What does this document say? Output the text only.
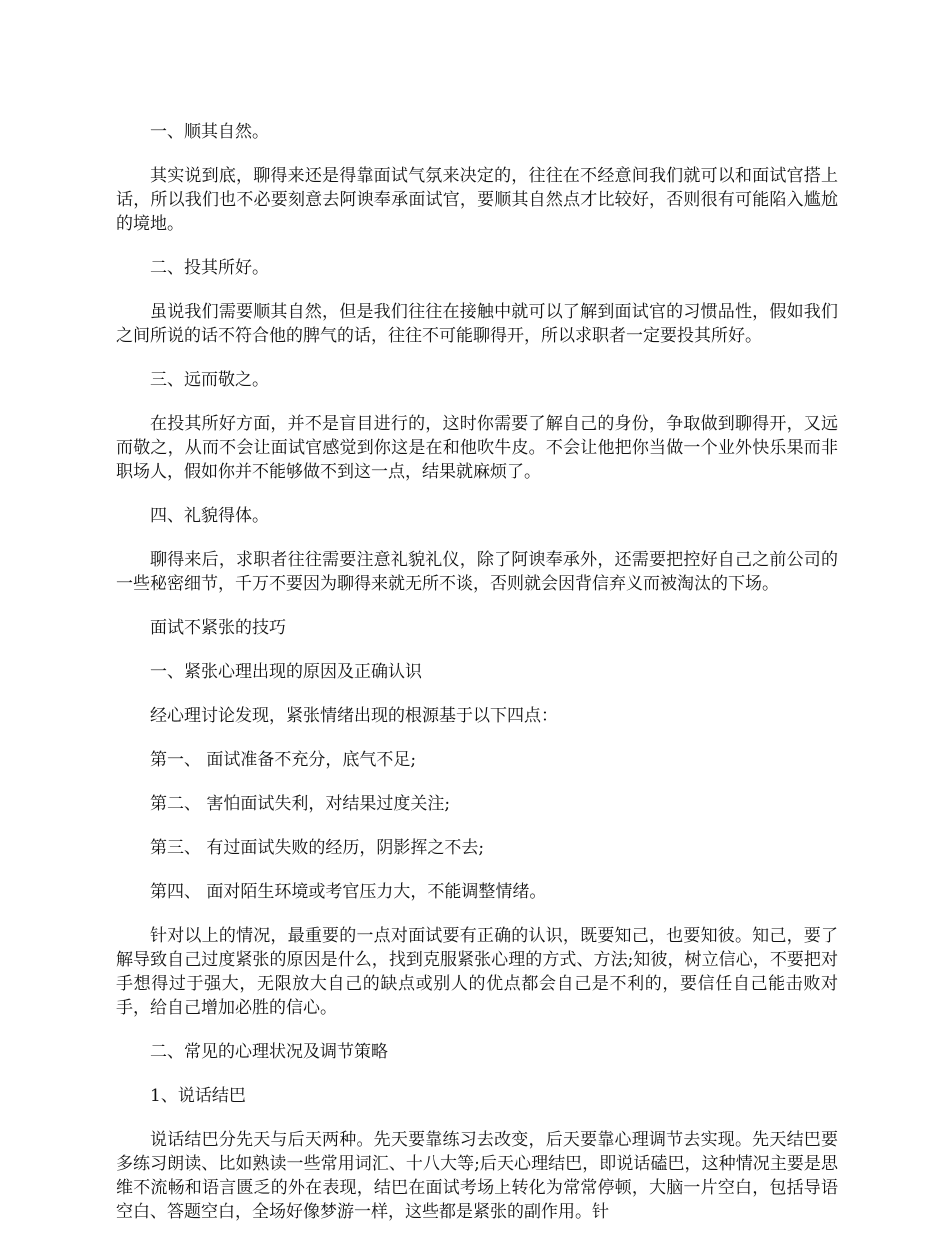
一、顺其自然。

其实说到底，聊得来还是得靠面试气氛来决定的，往往在不经意间我们就可以和面试官搭上话，所以我们也不必要刻意去阿谀奉承面试官，要顺其自然点才比较好，否则很有可能陷入尴尬的境地。

二、投其所好。

虽说我们需要顺其自然，但是我们往往在接触中就可以了解到面试官的习惯品性，假如我们之间所说的话不符合他的脾气的话，往往不可能聊得开，所以求职者一定要投其所好。

三、远而敬之。

在投其所好方面，并不是盲目进行的，这时你需要了解自己的身份，争取做到聊得开，又远而敬之，从而不会让面试官感觉到你这是在和他吹牛皮。不会让他把你当做一个业外快乐果而非职场人，假如你并不能够做不到这一点，结果就麻烦了。

四、礼貌得体。

聊得来后，求职者往往需要注意礼貌礼仪，除了阿谀奉承外，还需要把控好自己之前公司的一些秘密细节，千万不要因为聊得来就无所不谈，否则就会因背信弃义而被淘汰的下场。

面试不紧张的技巧

一、紧张心理出现的原因及正确认识

经心理讨论发现，紧张情绪出现的根源基于以下四点：

第一、 面试准备不充分，底气不足;

第二、 害怕面试失利，对结果过度关注;

第三、 有过面试失败的经历，阴影挥之不去;

第四、 面对陌生环境或考官压力大，不能调整情绪。

针对以上的情况，最重要的一点对面试要有正确的认识，既要知己，也要知彼。知己，要了解导致自己过度紧张的原因是什么，找到克服紧张心理的方式、方法;知彼，树立信心，不要把对手想得过于强大，无限放大自己的缺点或别人的优点都会自己是不利的，要信任自己能击败对手，给自己增加必胜的信心。

二、常见的心理状况及调节策略

1、说话结巴

说话结巴分先天与后天两种。先天要靠练习去改变，后天要靠心理调节去实现。先天结巴要多练习朗读、比如熟读一些常用词汇、十八大等;后天心理结巴，即说话磕巴，这种情况主要是思维不流畅和语言匮乏的外在表现，结巴在面试考场上转化为常常停顿，大脑一片空白，包括导语空白、答题空白，全场好像梦游一样，这些都是紧张的副作用。针
